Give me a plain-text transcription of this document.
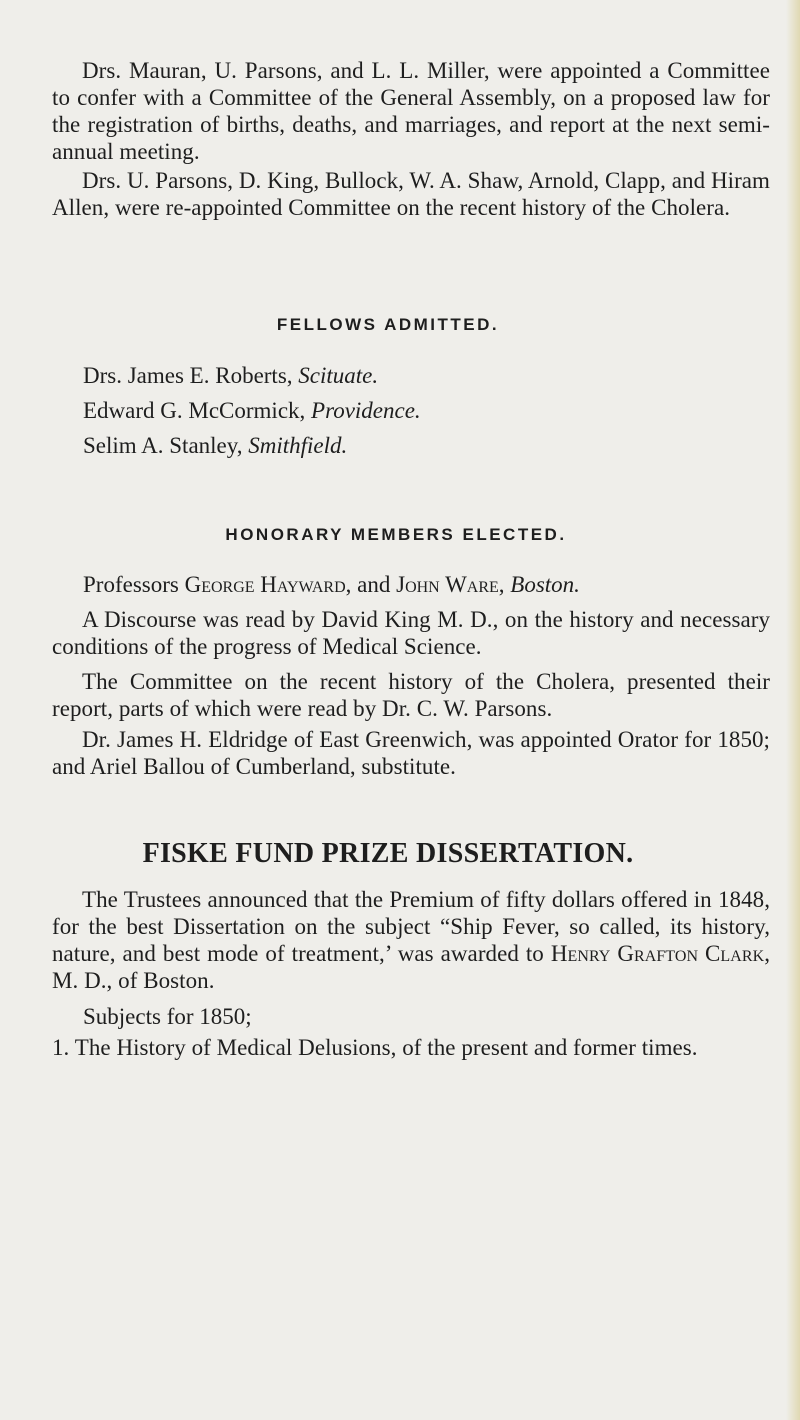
Drs. Mauran, U. Parsons, and L. L. Miller, were appointed a Committee to confer with a Committee of the General Assembly, on a proposed law for the registration of births, deaths, and marriages, and report at the next semi-annual meeting.

Drs. U. Parsons, D. King, Bullock, W. A. Shaw, Arnold, Clapp, and Hiram Allen, were re-appointed Committee on the recent history of the Cholera.

FELLOWS ADMITTED.
Drs. James E. Roberts, Scituate.
Edward G. McCormick, Providence.
Selim A. Stanley, Smithfield.
HONORARY MEMBERS ELECTED.
Professors George Hayward, and John Ware, Boston.

A Discourse was read by David King M. D., on the history and necessary conditions of the progress of Medical Science.

The Committee on the recent history of the Cholera, presented their report, parts of which were read by Dr. C. W. Parsons.

Dr. James H. Eldridge of East Greenwich, was appointed Orator for 1850; and Ariel Ballou of Cumberland, substitute.

FISKE FUND PRIZE DISSERTATION.

The Trustees announced that the Premium of fifty dollars offered in 1848, for the best Dissertation on the subject “Ship Fever, so called, its history, nature, and best mode of treatment,’ was awarded to Henry Grafton Clark, M. D., of Boston.

Subjects for 1850;

1. The History of Medical Delusions, of the present and former times.
